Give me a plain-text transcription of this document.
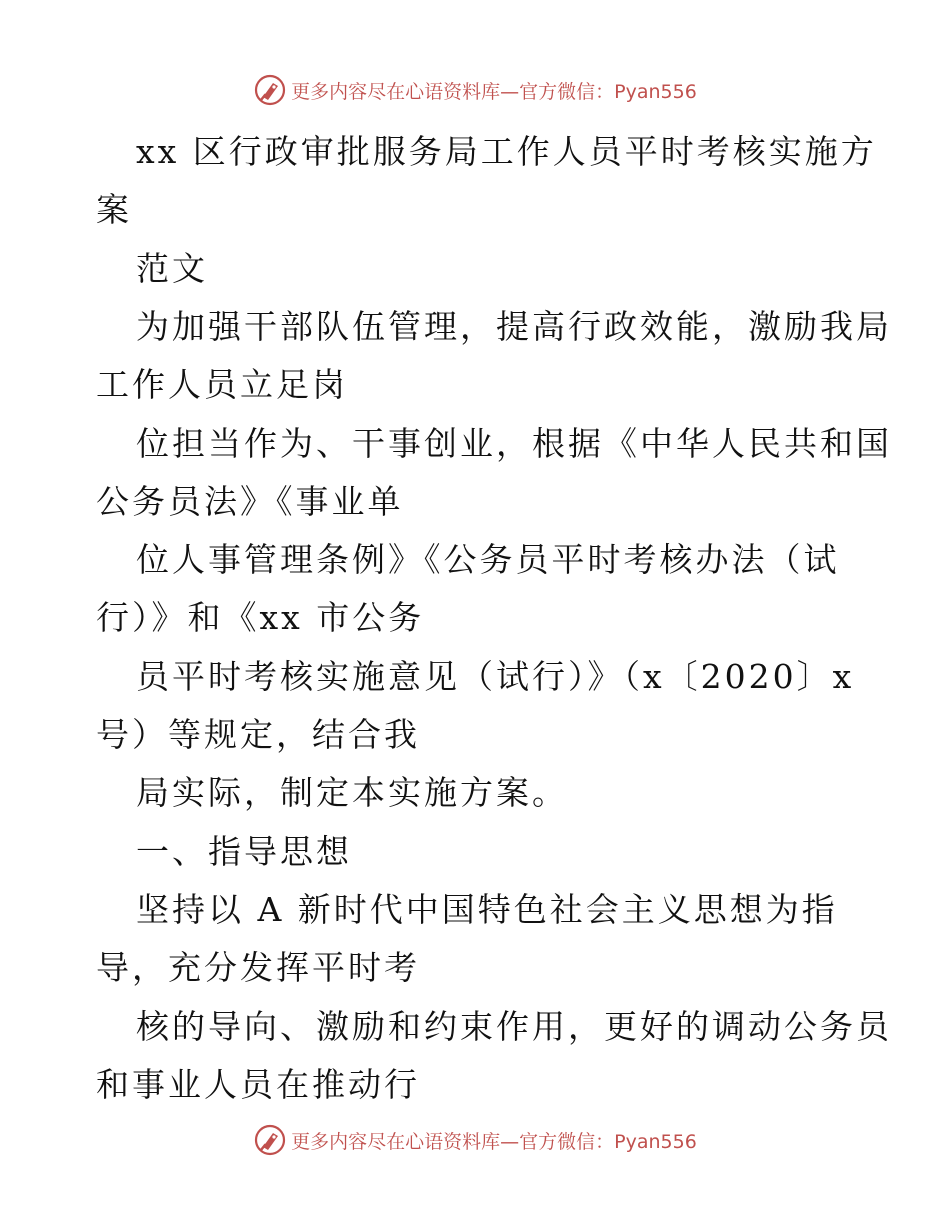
更多内容尽在心语资料库—官方微信：Pyan556
xx 区行政审批服务局工作人员平时考核实施方
案
范文
为加强干部队伍管理，提高行政效能，激励我局
工作人员立足岗
位担当作为、干事创业，根据《中华人民共和国
公务员法》《事业单
位人事管理条例》《公务员平时考核办法（试
行）》和《xx 市公务
员平时考核实施意见（试行）》（x〔2020〕x
号）等规定，结合我
局实际，制定本实施方案。
一、指导思想
坚持以 A 新时代中国特色社会主义思想为指
导，充分发挥平时考
核的导向、激励和约束作用，更好的调动公务员
和事业人员在推动行
更多内容尽在心语资料库—官方微信：Pyan556
